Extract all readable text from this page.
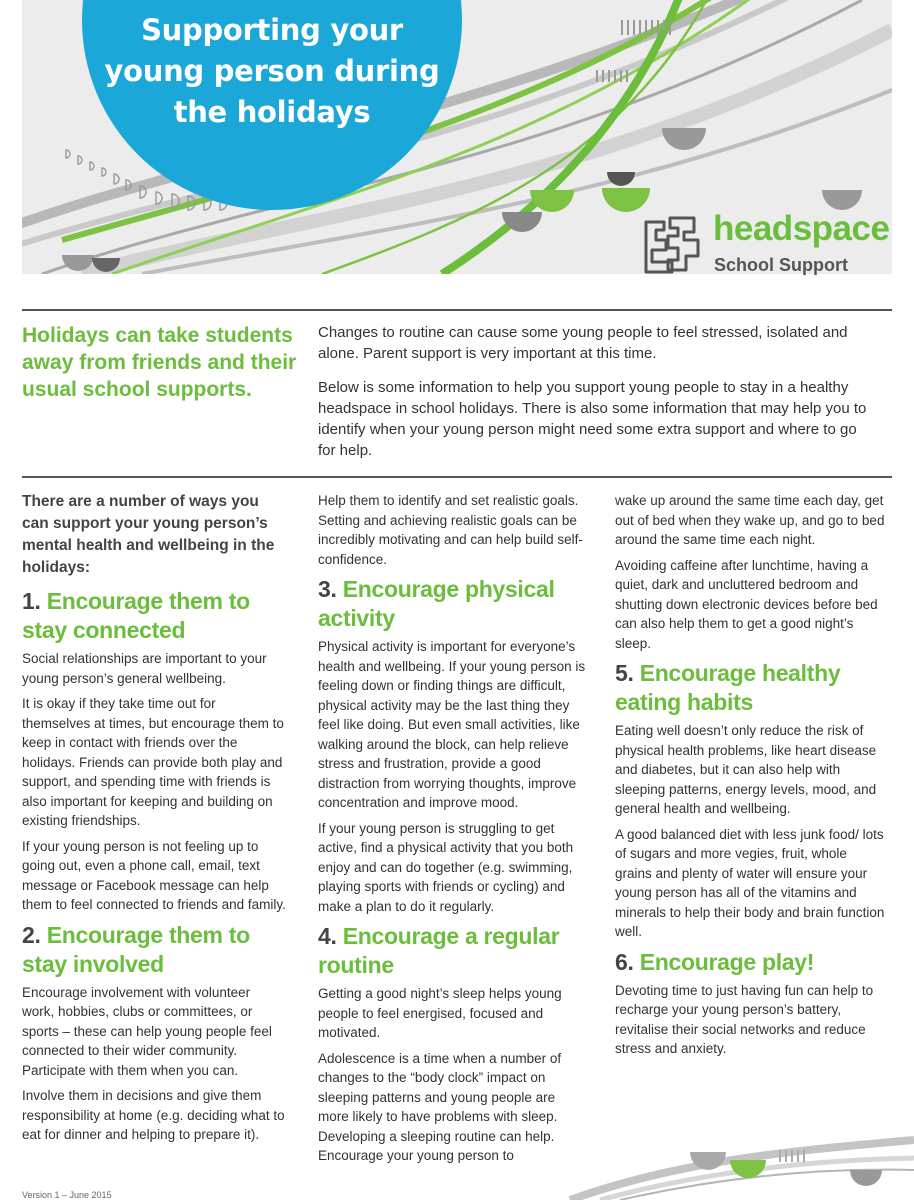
Supporting your
young person during
the holidays
headspace
School Support
Holidays can take students away from friends and their usual school supports.

Changes to routine can cause some young people to feel stressed, isolated and alone. Parent support is very important at this time.

Below is some information to help you support young people to stay in a healthy headspace in school holidays. There is also some information that may help you to identify when your young person might need some extra support and where to go for help.

There are a number of ways you can support your young person’s mental health and wellbeing in the holidays:

1. Encourage them to stay connected

Social relationships are important to your young person’s general wellbeing.

It is okay if they take time out for themselves at times, but encourage them to keep in contact with friends over the holidays. Friends can provide both play and support, and spending time with friends is also important for keeping and building on existing friendships.

If your young person is not feeling up to going out, even a phone call, email, text message or Facebook message can help them to feel connected to friends and family.

2. Encourage them to stay involved

Encourage involvement with volunteer work, hobbies, clubs or committees, or sports – these can help young people feel connected to their wider community. Participate with them when you can.

Involve them in decisions and give them responsibility at home (e.g. deciding what to eat for dinner and helping to prepare it).

Help them to identify and set realistic goals. Setting and achieving realistic goals can be incredibly motivating and can help build self-confidence.

3. Encourage physical activity

Physical activity is important for everyone’s health and wellbeing. If your young person is feeling down or finding things are difficult, physical activity may be the last thing they feel like doing. But even small activities, like walking around the block, can help relieve stress and frustration, provide a good distraction from worrying thoughts, improve concentration and improve mood.

If your young person is struggling to get active, find a physical activity that you both enjoy and can do together (e.g. swimming, playing sports with friends or cycling) and make a plan to do it regularly.

4. Encourage a regular routine

Getting a good night’s sleep helps young people to feel energised, focused and motivated.

Adolescence is a time when a number of changes to the “body clock” impact on sleeping patterns and young people are more likely to have problems with sleep. Developing a sleeping routine can help. Encourage your young person to

wake up around the same time each day, get out of bed when they wake up, and go to bed around the same time each night.

Avoiding caffeine after lunchtime, having a quiet, dark and uncluttered bedroom and shutting down electronic devices before bed can also help them to get a good night’s sleep.

5. Encourage healthy eating habits

Eating well doesn’t only reduce the risk of physical health problems, like heart disease and diabetes, but it can also help with sleeping patterns, energy levels, mood, and general health and wellbeing.

A good balanced diet with less junk food/ lots of sugars and more vegies, fruit, whole grains and plenty of water will ensure your young person has all of the vitamins and minerals to help their body and brain function well.

6. Encourage play!

Devoting time to just having fun can help to recharge your young person’s battery, revitalise their social networks and reduce stress and anxiety.

Version 1 – June 2015
